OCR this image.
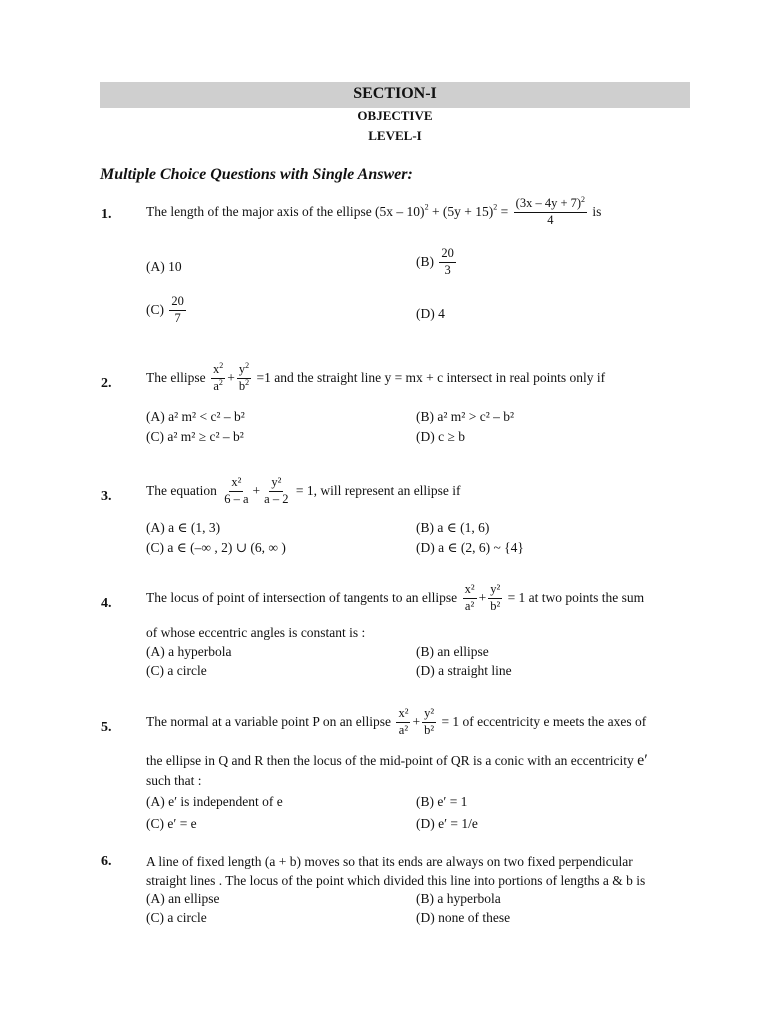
SECTION-I
OBJECTIVE
LEVEL-I
Multiple Choice Questions with Single Answer:
1.	The length of the major axis of the ellipse $(5x - 10)^2 + (5y + 15)^2 = \frac{(3x - 4y + 7)^2}{4}$ is
(A) 10	$(B) \frac{20}{3}$
$(C) \frac{20}{7}$	(D) 4
2.	The ellipse $\frac{x^2}{a^2} + \frac{y^2}{b^2} =1$ and the straight line y = mx + c intersect in real points only if
(A) a² m² < c² – b²	(B) a² m² > c² – b²
(C) a² m² ≥ c² – b²	(D) c ≥ b
3.	The equation $\frac{\text{x²}}{6 - a} + \frac{\text{y²}}{a - 2} = 1$, will represent an ellipse if
(A) a ∈ (1, 3)	(B) a ∈ (1, 6)
(C) a ∈ (–∞ , 2) ∪ (6, ∞ )	(D) a ∈ (2, 6) ~ {4}
4.	The locus of point of intersection of tangents to an ellipse $\frac{\text{x²}}{\text{a²}} + \frac{\text{y²}}{\text{b²}} = 1$ at two points the sum
of whose eccentric angles is constant is :
(A) a hyperbola	(B) an ellipse
(C) a circle	(D) a straight line
5.	The normal at a variable point P on an ellipse $\frac{\text{x²}}{\text{a²}} + \frac{\text{y²}}{\text{b²}} = 1$ of eccentricity e meets the axes of
the ellipse in Q and R then the locus of the mid-point of QR is a conic with an eccentricity e′
such that :
(A) e′ is independent of e	(B) e′ = 1
(C) e′ = e	(D) e′ = 1/e
6.	A line of fixed length (a + b) moves so that its ends are always on two fixed perpendicular
straight lines . The locus of the point which divided this line into portions of lengths a & b is
(A) an ellipse	(B) a hyperbola
(C) a circle	(D) none of these
